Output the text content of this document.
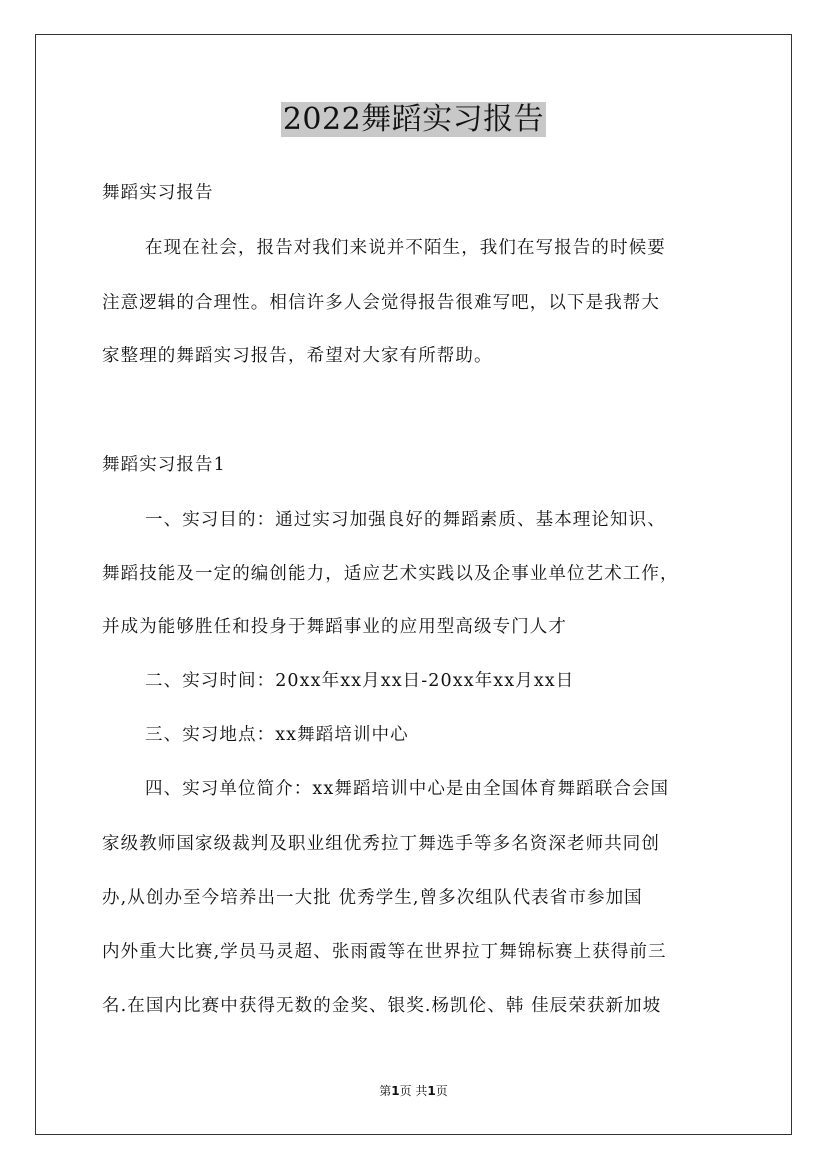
2022舞蹈实习报告

舞蹈实习报告

在现在社会，报告对我们来说并不陌生，我们在写报告的时候要

注意逻辑的合理性。相信许多人会觉得报告很难写吧，以下是我帮大

家整理的舞蹈实习报告，希望对大家有所帮助。

舞蹈实习报告1

一、实习目的：通过实习加强良好的舞蹈素质、基本理论知识、

舞蹈技能及一定的编创能力，适应艺术实践以及企事业单位艺术工作，

并成为能够胜任和投身于舞蹈事业的应用型高级专门人才

二、实习时间：20xx年xx月xx日-20xx年xx月xx日

三、实习地点：xx舞蹈培训中心

四、实习单位简介：xx舞蹈培训中心是由全国体育舞蹈联合会国

家级教师国家级裁判及职业组优秀拉丁舞选手等多名资深老师共同创

办,从创办至今培养出一大批 优秀学生,曾多次组队代表省市参加国

内外重大比赛,学员马灵超、张雨霞等在世界拉丁舞锦标赛上获得前三

名.在国内比赛中获得无数的金奖、银奖.杨凯伦、韩 佳辰荣获新加坡

第1页 共1页
